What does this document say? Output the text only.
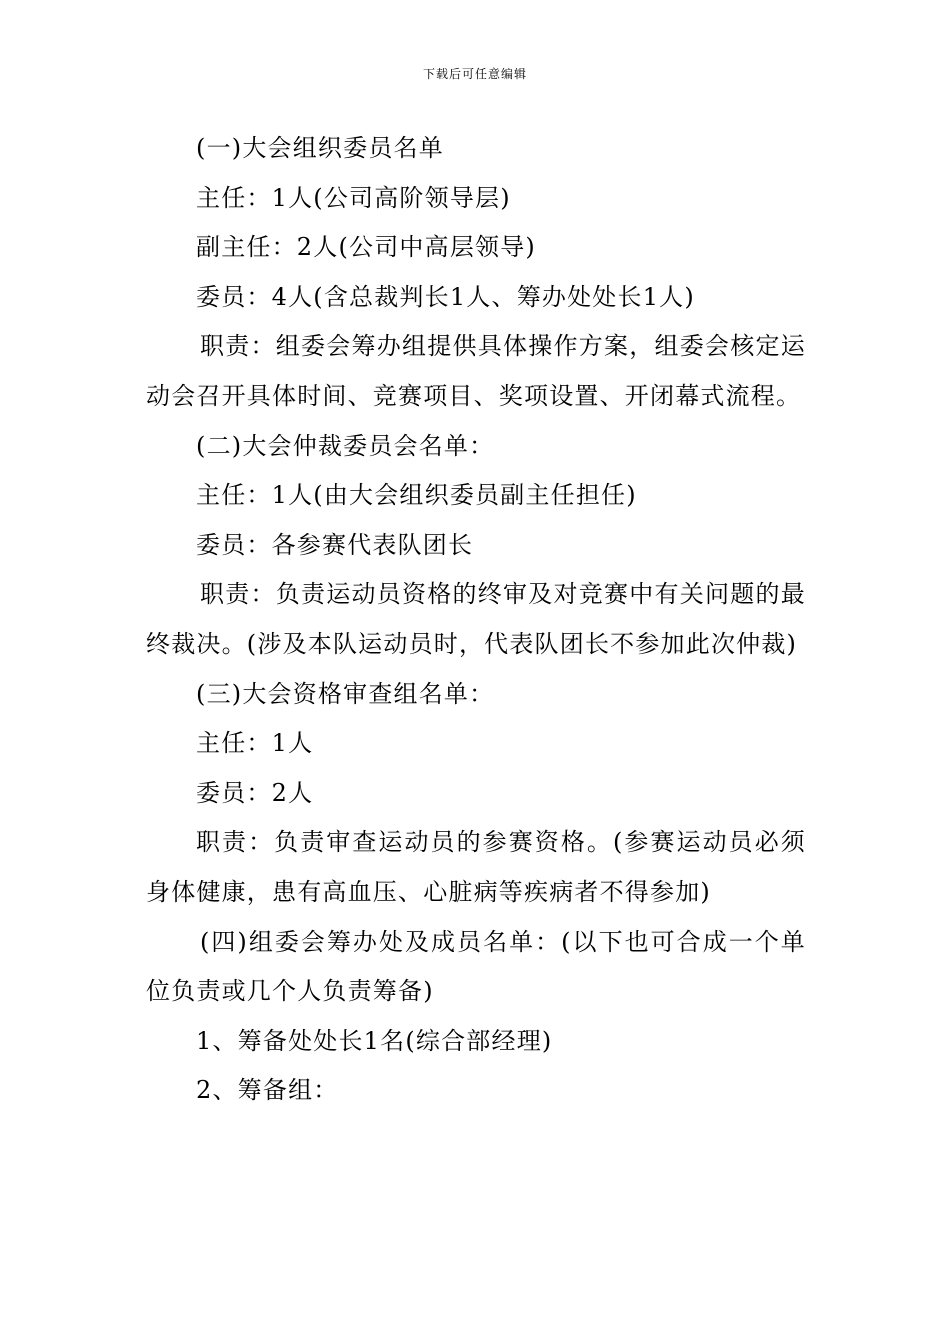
下载后可任意编辑

(一)大会组织委员名单

主任：1人(公司高阶领导层)

副主任：2人(公司中高层领导)

委员：4人(含总裁判长1人、筹办处处长1人)

职责：组委会筹办组提供具体操作方案，组委会核定运动会召开具体时间、竞赛项目、奖项设置、开闭幕式流程。

(二)大会仲裁委员会名单：

主任：1人(由大会组织委员副主任担任)

委员：各参赛代表队团长

职责：负责运动员资格的终审及对竞赛中有关问题的最终裁决。(涉及本队运动员时，代表队团长不参加此次仲裁)

(三)大会资格审查组名单：

主任：1人

委员：2人

职责：负责审查运动员的参赛资格。(参赛运动员必须身体健康，患有高血压、心脏病等疾病者不得参加)

(四)组委会筹办处及成员名单：(以下也可合成一个单位负责或几个人负责筹备)

1、筹备处处长1名(综合部经理)

2、筹备组：
